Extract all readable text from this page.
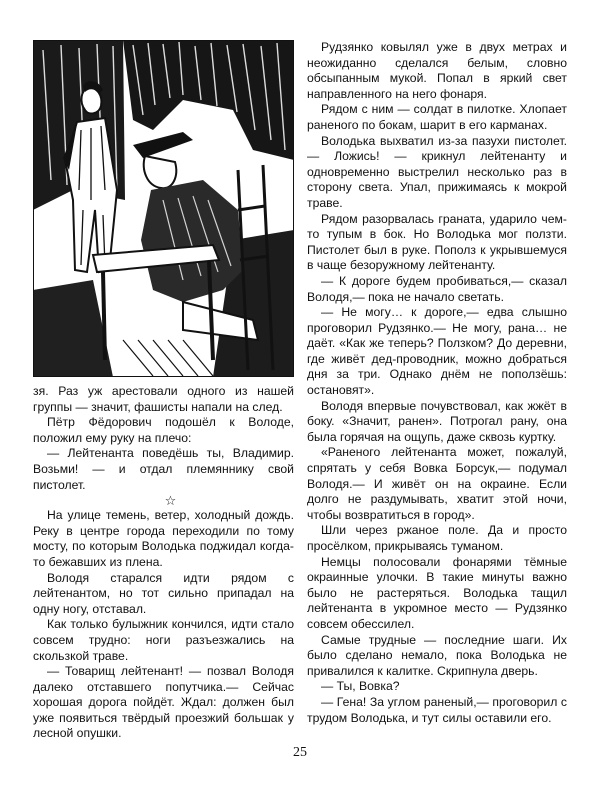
зя. Раз уж арестовали одного из нашей группы — значит, фашисты напали на след.

Пётр Фёдорович подошёл к Володе, положил ему руку на плечо:

— Лейтенанта поведёшь ты, Владимир. Возьми! — и отдал племяннику свой пистолет.

☆

На улице темень, ветер, холодный дождь. Реку в центре города переходили по тому мосту, по которым Володька поджидал когда-то бежавших из плена.

Володя старался идти рядом с лейтенантом, но тот сильно припадал на одну ногу, отставал.

Как только булыжник кончился, идти стало совсем трудно: ноги разъезжались на скользкой траве.

— Товарищ лейтенант! — позвал Володя далеко отставшего попутчика.— Сейчас хорошая дорога пойдёт. Ждал: должен был уже появиться твёрдый проезжий большак у лесной опушки.

Рудзянко ковылял уже в двух метрах и неожиданно сделался белым, словно обсыпанным мукой. Попал в яркий свет направленного на него фонаря.

Рядом с ним — солдат в пилотке. Хлопает раненого по бокам, шарит в его карманах.

Володька выхватил из-за пазухи пистолет. — Ложись! — крикнул лейтенанту и одновременно выстрелил несколько раз в сторону света. Упал, прижимаясь к мокрой траве.

Рядом разорвалась граната, ударило чем-то тупым в бок. Но Володька мог ползти. Пистолет был в руке. Пополз к укрывшемуся в чаще безоружному лейтенанту.

— К дороге будем пробиваться,— сказал Володя,— пока не начало светать.

— Не могу… к дороге,— едва слышно проговорил Рудзянко.— Не могу, рана… не даёт. «Как же теперь? Ползком? До деревни, где живёт дед-проводник, можно добраться дня за три. Однако днём не поползёшь: остановят».

Володя впервые почувствовал, как жжёт в боку. «Значит, ранен». Потрогал рану, она была горячая на ощупь, даже сквозь куртку.

«Раненого лейтенанта может, пожалуй, спрятать у себя Вовка Борсук,— подумал Володя.— И живёт он на окраине. Если долго не раздумывать, хватит этой ночи, чтобы возвратиться в город».

Шли через ржаное поле. Да и просто просёлком, прикрываясь туманом.

Немцы полосовали фонарями тёмные окраинные улочки. В такие минуты важно было не растеряться. Володька тащил лейтенанта в укромное место — Рудзянко совсем обессилел.

Самые трудные — последние шаги. Их было сделано немало, пока Володька не привалился к калитке. Скрипнула дверь.

— Ты, Вовка?

— Гена! За углом раненый,— проговорил с трудом Володька, и тут силы оставили его.

25
